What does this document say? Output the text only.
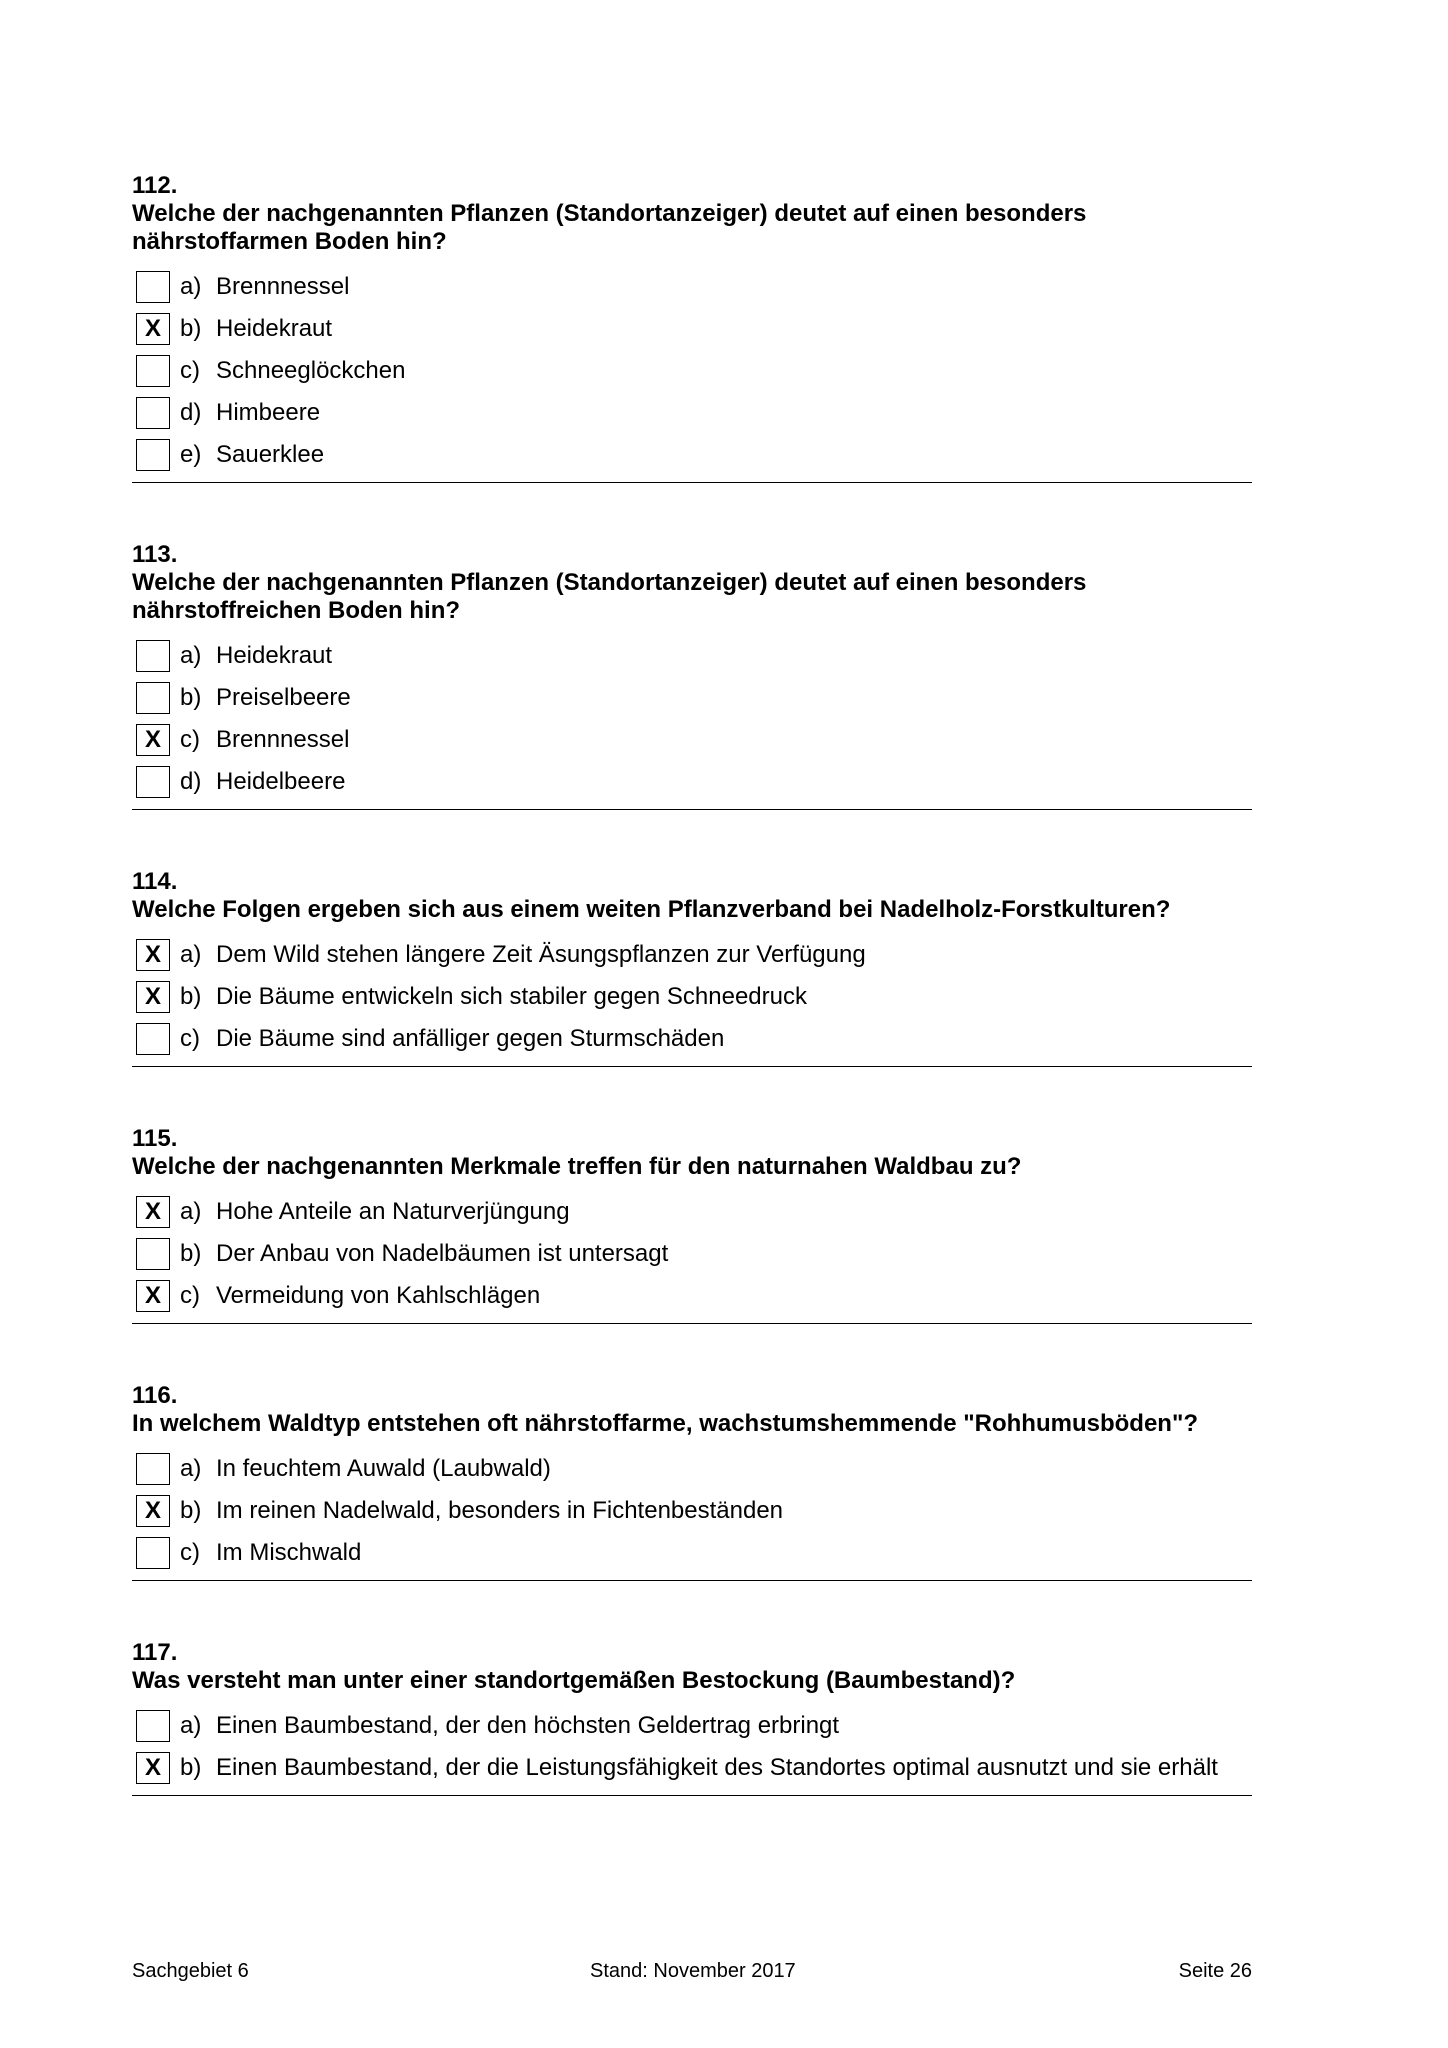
112.
Welche der nachgenannten Pflanzen (Standortanzeiger) deutet auf einen besonders nährstoffarmen Boden hin?
a) Brennnessel
X b) Heidekraut
c) Schneeglöckchen
d) Himbeere
e) Sauerklee
113.
Welche der nachgenannten Pflanzen (Standortanzeiger) deutet auf einen besonders nährstoffreichen Boden hin?
a) Heidekraut
b) Preiselbeere
X c) Brennnessel
d) Heidelbeere
114.
Welche Folgen ergeben sich aus einem weiten Pflanzverband bei Nadelholz-Forstkulturen?
X a) Dem Wild stehen längere Zeit Äsungspflanzen zur Verfügung
X b) Die Bäume entwickeln sich stabiler gegen Schneedruck
c) Die Bäume sind anfälliger gegen Sturmschäden
115.
Welche der nachgenannten Merkmale treffen für den naturnahen Waldbau zu?
X a) Hohe Anteile an Naturverjüngung
b) Der Anbau von Nadelbäumen ist untersagt
X c) Vermeidung von Kahlschlägen
116.
In welchem Waldtyp entstehen oft nährstoffarme, wachstumshemmende "Rohhumusböden"?
a) In feuchtem Auwald (Laubwald)
X b) Im reinen Nadelwald, besonders in Fichtenbeständen
c) Im Mischwald
117.
Was versteht man unter einer standortgemäßen Bestockung (Baumbestand)?
a) Einen Baumbestand, der den höchsten Geldertrag erbringt
X b) Einen Baumbestand, der die Leistungsfähigkeit des Standortes optimal ausnutzt und sie erhält
Sachgebiet 6	Stand: November 2017	Seite 26
